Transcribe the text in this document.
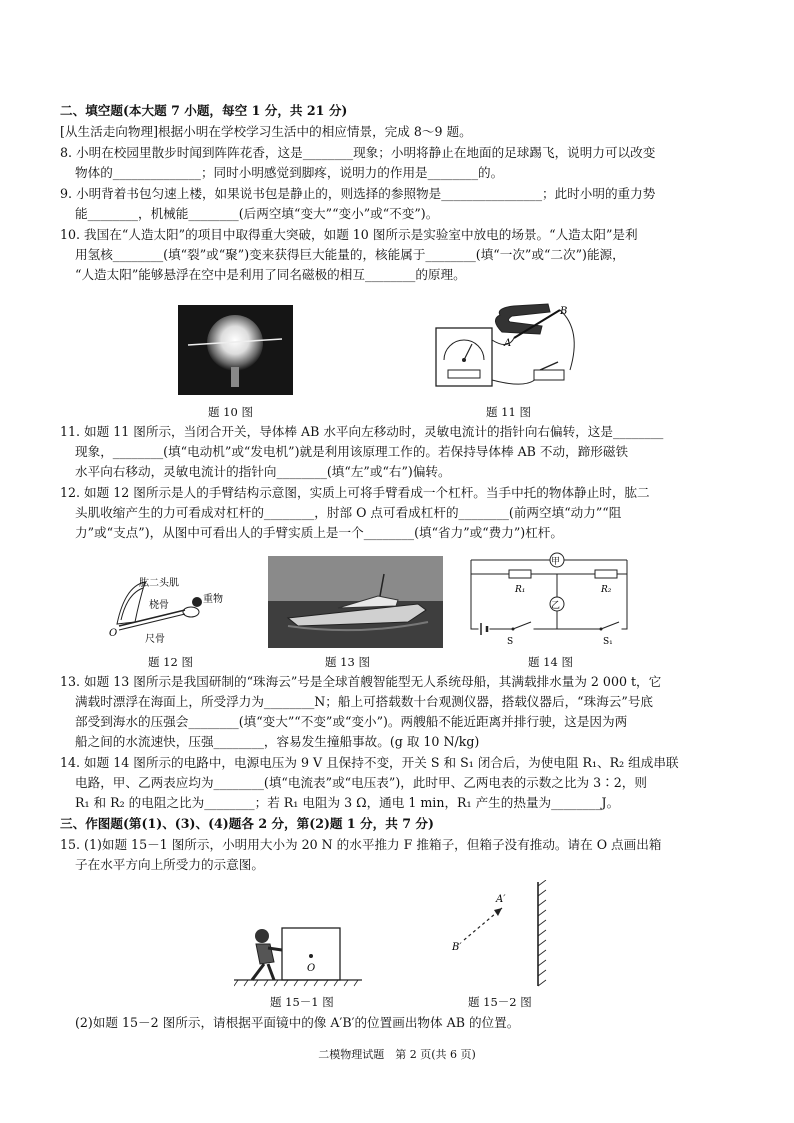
二、填空题(本大题 7 小题，每空 1 分，共 21 分)
[从生活走向物理]根据小明在学校学习生活中的相应情景，完成 8～9 题。
8. 小明在校园里散步时闻到阵阵花香，这是________现象；小明将静止在地面的足球踢飞，说明力可以改变
物体的______________；同时小明感觉到脚疼，说明力的作用是________的。
9. 小明背着书包匀速上楼，如果说书包是静止的，则选择的参照物是________________；此时小明的重力势
能________，机械能________(后两空填“变大”“变小”或“不变”)。
10. 我国在“人造太阳”的项目中取得重大突破，如题 10 图所示是实验室中放电的场景。“人造太阳”是利
用氢核________(填“裂”或“聚”)变来获得巨大能量的，核能属于________(填“一次”或“二次”)能源，
“人造太阳”能够悬浮在空中是利用了同名磁极的相互________的原理。
题 10 图
A
B
题 11 图
11. 如题 11 图所示，当闭合开关，导体棒 AB 水平向左移动时，灵敏电流计的指针向右偏转，这是________
现象，________(填“电动机”或“发电机”)就是利用该原理工作的。若保持导体棒 AB 不动，蹄形磁铁
水平向右移动，灵敏电流计的指针向________(填“左”或“右”)偏转。
12. 如题 12 图所示是人的手臂结构示意图，实质上可将手臂看成一个杠杆。当手中托的物体静止时，肱二
头肌收缩产生的力可看成对杠杆的________，肘部 O 点可看成杠杆的________(前两空填“动力”“阻
力”或“支点”)，从图中可看出人的手臂实质上是一个________(填“省力”或“费力”)杠杆。
肱二头肌
桡骨
重物
O
尺骨
题 12 图	题 13 图
甲
R₁	R₂
乙
S	S₁
题 14 图
13. 如题 13 图所示是我国研制的“珠海云”号是全球首艘智能型无人系统母船，其满载排水量为 2 000 t，它
满载时漂浮在海面上，所受浮力为________N；船上可搭载数十台观测仪器，搭载仪器后，“珠海云”号底
部受到海水的压强会________(填“变大”“不变”或“变小”)。两艘船不能近距离并排行驶，这是因为两
船之间的水流速快，压强________，容易发生撞船事故。(g 取 10 N/kg)
14. 如题 14 图所示的电路中，电源电压为 9 V 且保持不变，开关 S 和 S₁ 闭合后，为使电阻 R₁、R₂ 组成串联
电路，甲、乙两表应均为________(填“电流表”或“电压表”)，此时甲、乙两电表的示数之比为 3∶2，则
R₁ 和 R₂ 的电阻之比为________；若 R₁ 电阻为 3 Ω，通电 1 min，R₁ 产生的热量为________J。
三、作图题(第(1)、(3)、(4)题各 2 分，第(2)题 1 分，共 7 分)
15. (1)如题 15－1 图所示，小明用大小为 20 N 的水平推力 F 推箱子，但箱子没有推动。请在 O 点画出箱
子在水平方向上所受力的示意图。
O
题 15－1 图
A′
B′
题 15－2 图
(2)如题 15－2 图所示，请根据平面镜中的像 A′B′的位置画出物体 AB 的位置。
二模物理试题　第 2 页(共 6 页)
